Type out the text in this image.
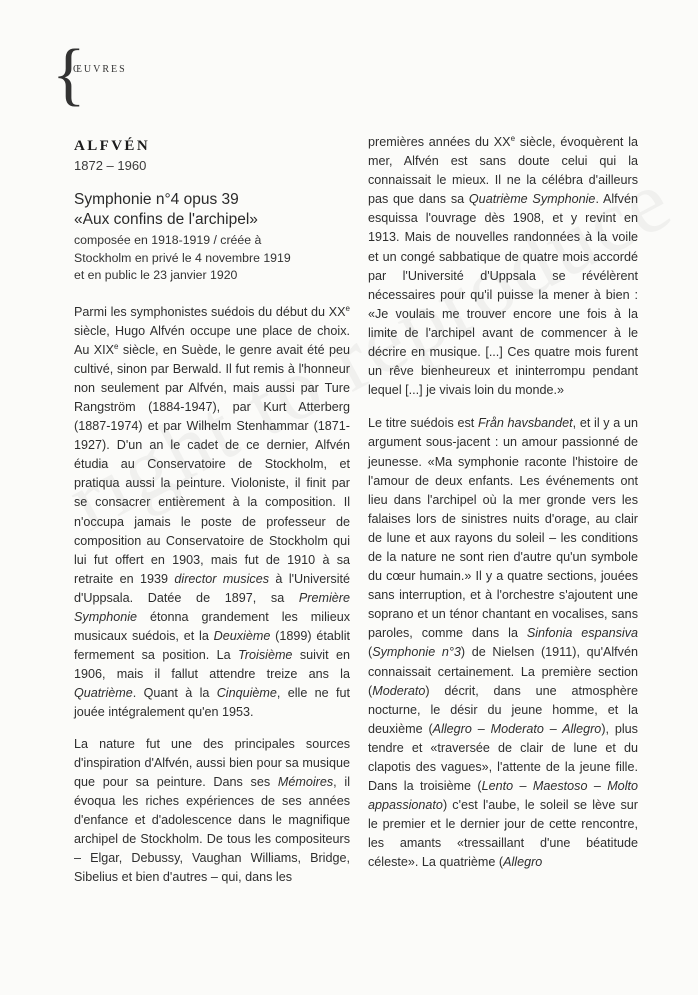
{
ŒUVRES
ALFVÉN

1872 – 1960

Symphonie n°4 opus 39
«Aux confins de l'archipel»

composée en 1918-1919 / créée à
Stockholm en privé le 4 novembre 1919
et en public le 23 janvier 1920

Parmi les symphonistes suédois du début du XXe siècle, Hugo Alfvén occupe une place de choix. Au XIXe siècle, en Suède, le genre avait été peu cultivé, sinon par Berwald. Il fut remis à l'honneur non seulement par Alfvén, mais aussi par Ture Rangström (1884-1947), par Kurt Atterberg (1887-1974) et par Wilhelm Stenhammar (1871-1927). D'un an le cadet de ce dernier, Alfvén étudia au Conservatoire de Stockholm, et pratiqua aussi la peinture. Violoniste, il finit par se consacrer entièrement à la composition. Il n'occupa jamais le poste de professeur de composition au Conservatoire de Stockholm qui lui fut offert en 1903, mais fut de 1910 à sa retraite en 1939 director musices à l'Université d'Uppsala. Datée de 1897, sa Première Symphonie étonna grandement les milieux musicaux suédois, et la Deuxième (1899) établit fermement sa position. La Troisième suivit en 1906, mais il fallut attendre treize ans la Quatrième. Quant à la Cinquième, elle ne fut jouée intégralement qu'en 1953.

La nature fut une des principales sources d'inspiration d'Alfvén, aussi bien pour sa musique que pour sa peinture. Dans ses Mémoires, il évoqua les riches expériences de ses années d'enfance et d'adolescence dans le magnifique archipel de Stockholm. De tous les compositeurs – Elgar, Debussy, Vaughan Williams, Bridge, Sibelius et bien d'autres – qui, dans les

premières années du XXe siècle, évoquèrent la mer, Alfvén est sans doute celui qui la connaissait le mieux. Il ne la célébra d'ailleurs pas que dans sa Quatrième Symphonie. Alfvén esquissa l'ouvrage dès 1908, et y revint en 1913. Mais de nouvelles randonnées à la voile et un congé sabbatique de quatre mois accordé par l'Université d'Uppsala se révélèrent nécessaires pour qu'il puisse la mener à bien : «Je voulais me trouver encore une fois à la limite de l'archipel avant de commencer à le décrire en musique. [...] Ces quatre mois furent un rêve bienheureux et ininterrompu pendant lequel [...] je vivais loin du monde.»

Le titre suédois est Från havsbandet, et il y a un argument sous-jacent : un amour passionné de jeunesse. «Ma symphonie raconte l'histoire de l'amour de deux enfants. Les événements ont lieu dans l'archipel où la mer gronde vers les falaises lors de sinistres nuits d'orage, au clair de lune et aux rayons du soleil – les conditions de la nature ne sont rien d'autre qu'un symbole du cœur humain.» Il y a quatre sections, jouées sans interruption, et à l'orchestre s'ajoutent une soprano et un ténor chantant en vocalises, sans paroles, comme dans la Sinfonia espansiva (Symphonie n°3) de Nielsen (1911), qu'Alfvén connaissait certainement. La première section (Moderato) décrit, dans une atmosphère nocturne, le désir du jeune homme, et la deuxième (Allegro – Moderato – Allegro), plus tendre et «traversée de clair de lune et du clapotis des vagues», l'attente de la jeune fille. Dans la troisième (Lento – Maestoso – Molto appassionato) c'est l'aube, le soleil se lève sur le premier et le dernier jour de cette rencontre, les amants «tressaillant d'une béatitude céleste». La quatrième (Allegro
